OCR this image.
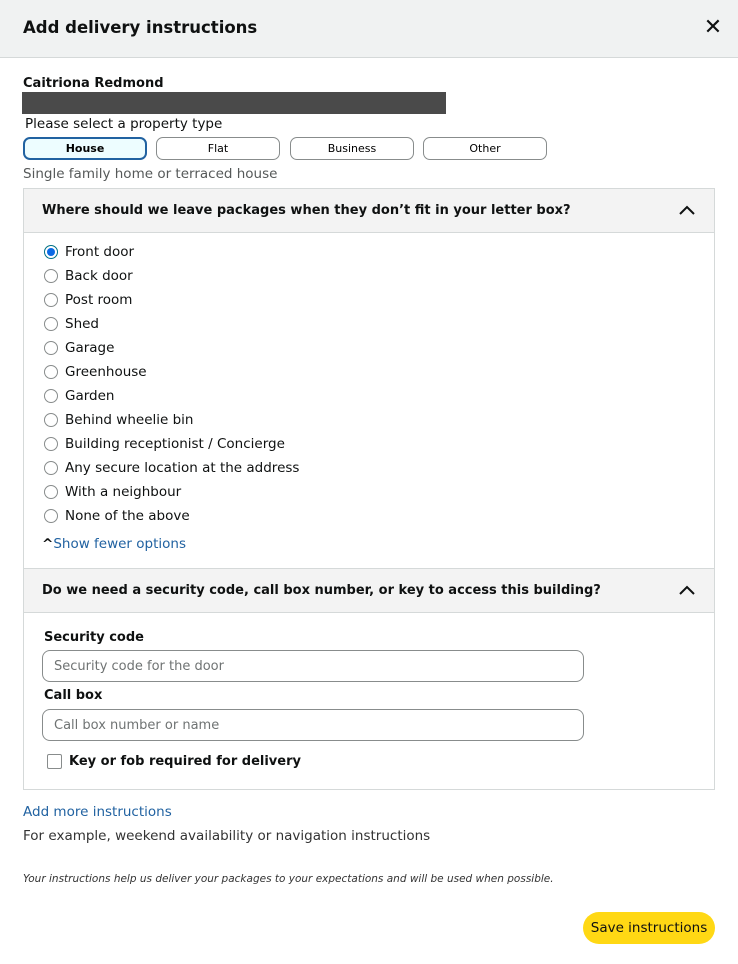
Add delivery instructions	✕
Caitriona Redmond
Please select a property type
House	Flat	Business	Other
Single family home or terraced house
Where should we leave packages when they don’t fit in your letter box?
Front door
Back door
Post room
Shed
Garage
Greenhouse
Garden
Behind wheelie bin
Building receptionist / Concierge
Any secure location at the address
With a neighbour
None of the above
^Show fewer options
Do we need a security code, call box number, or key to access this building?
Security code
Security code for the door
Call box
Call box number or name
Key or fob required for delivery
Add more instructions
For example, weekend availability or navigation instructions
Your instructions help us deliver your packages to your expectations and will be used when possible.
Save instructions
